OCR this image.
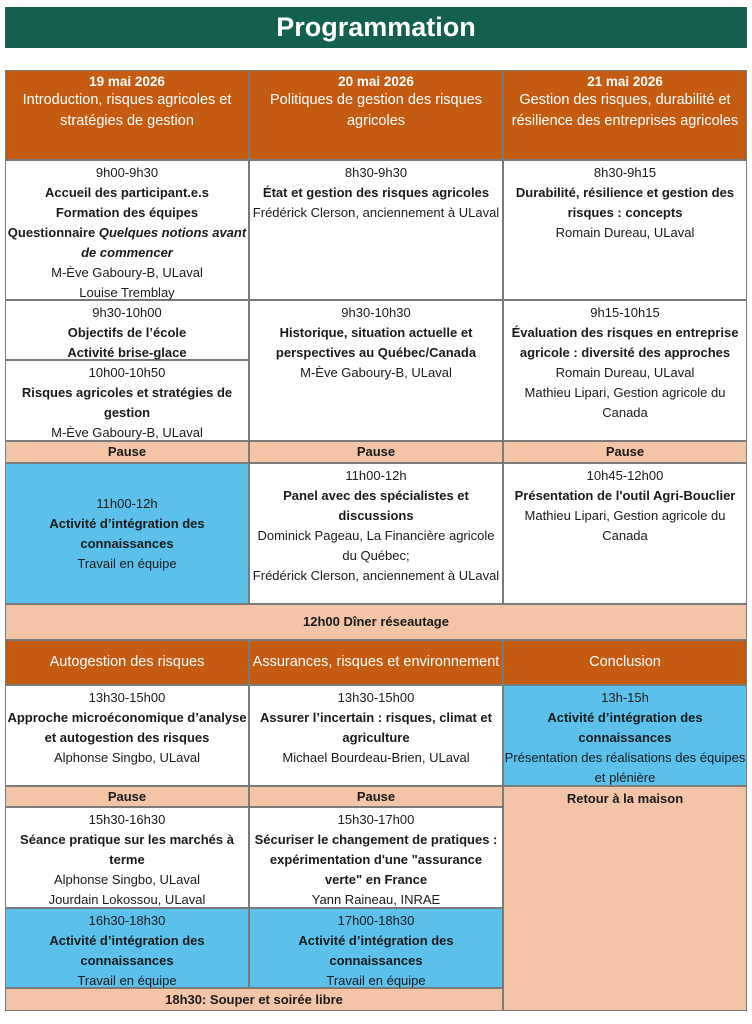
Programmation
19 mai 2026
Introduction, risques agricoles et stratégies de gestion
20 mai 2026
Politiques de gestion des risques agricoles
21 mai 2026
Gestion des risques, durabilité et résilience des entreprises agricoles
9h00-9h30
Accueil des participant.e.s
Formation des équipes
Questionnaire Quelques notions avant de commencer
M-Ève Gaboury-B, ULaval
Louise Tremblay
9h30-10h00
Objectifs de l’école
Activité brise-glace
10h00-10h50
Risques agricoles et stratégies de gestion
M-Ève Gaboury-B, ULaval
Pause
11h00-12h
Activité d’intégration des connaissances
Travail en équipe
8h30-9h30
État et gestion des risques agricoles
Frédérick Clerson, anciennement à ULaval
9h30-10h30
Historique, situation actuelle et perspectives au Québec/Canada
M-Ève Gaboury-B, ULaval
Pause
11h00-12h
Panel avec des spécialistes et discussions
Dominick Pageau, La Financière agricole du Québec;
Frédérick Clerson, anciennement à ULaval
8h30-9h15
Durabilité, résilience et gestion des risques : concepts
Romain Dureau, ULaval
9h15-10h15
Évaluation des risques en entreprise agricole : diversité des approches
Romain Dureau, ULaval
Mathieu Lipari, Gestion agricole du Canada
Pause
10h45-12h00
Présentation de l'outil Agri-Bouclier
Mathieu Lipari, Gestion agricole du Canada
12h00 Dîner réseautage
Autogestion des risques	Assurances, risques et environnement	Conclusion
13h30-15h00
Approche microéconomique d’analyse et autogestion des risques
Alphonse Singbo, ULaval
Pause
15h30-16h30
Séance pratique sur les marchés à terme
Alphonse Singbo, ULaval
Jourdain Lokossou, ULaval
16h30-18h30
Activité d’intégration des connaissances
Travail en équipe
13h30-15h00
Assurer l’incertain : risques, climat et agriculture
Michael Bourdeau-Brien, ULaval
Pause
15h30-17h00
Sécuriser le changement de pratiques : expérimentation d'une "assurance verte" en France
Yann Raineau, INRAE
17h00-18h30
Activité d’intégration des connaissances
Travail en équipe
13h-15h
Activité d’intégration des connaissances
Présentation des réalisations des équipes et plénière
Retour à la maison
18h30: Souper et soirée libre
